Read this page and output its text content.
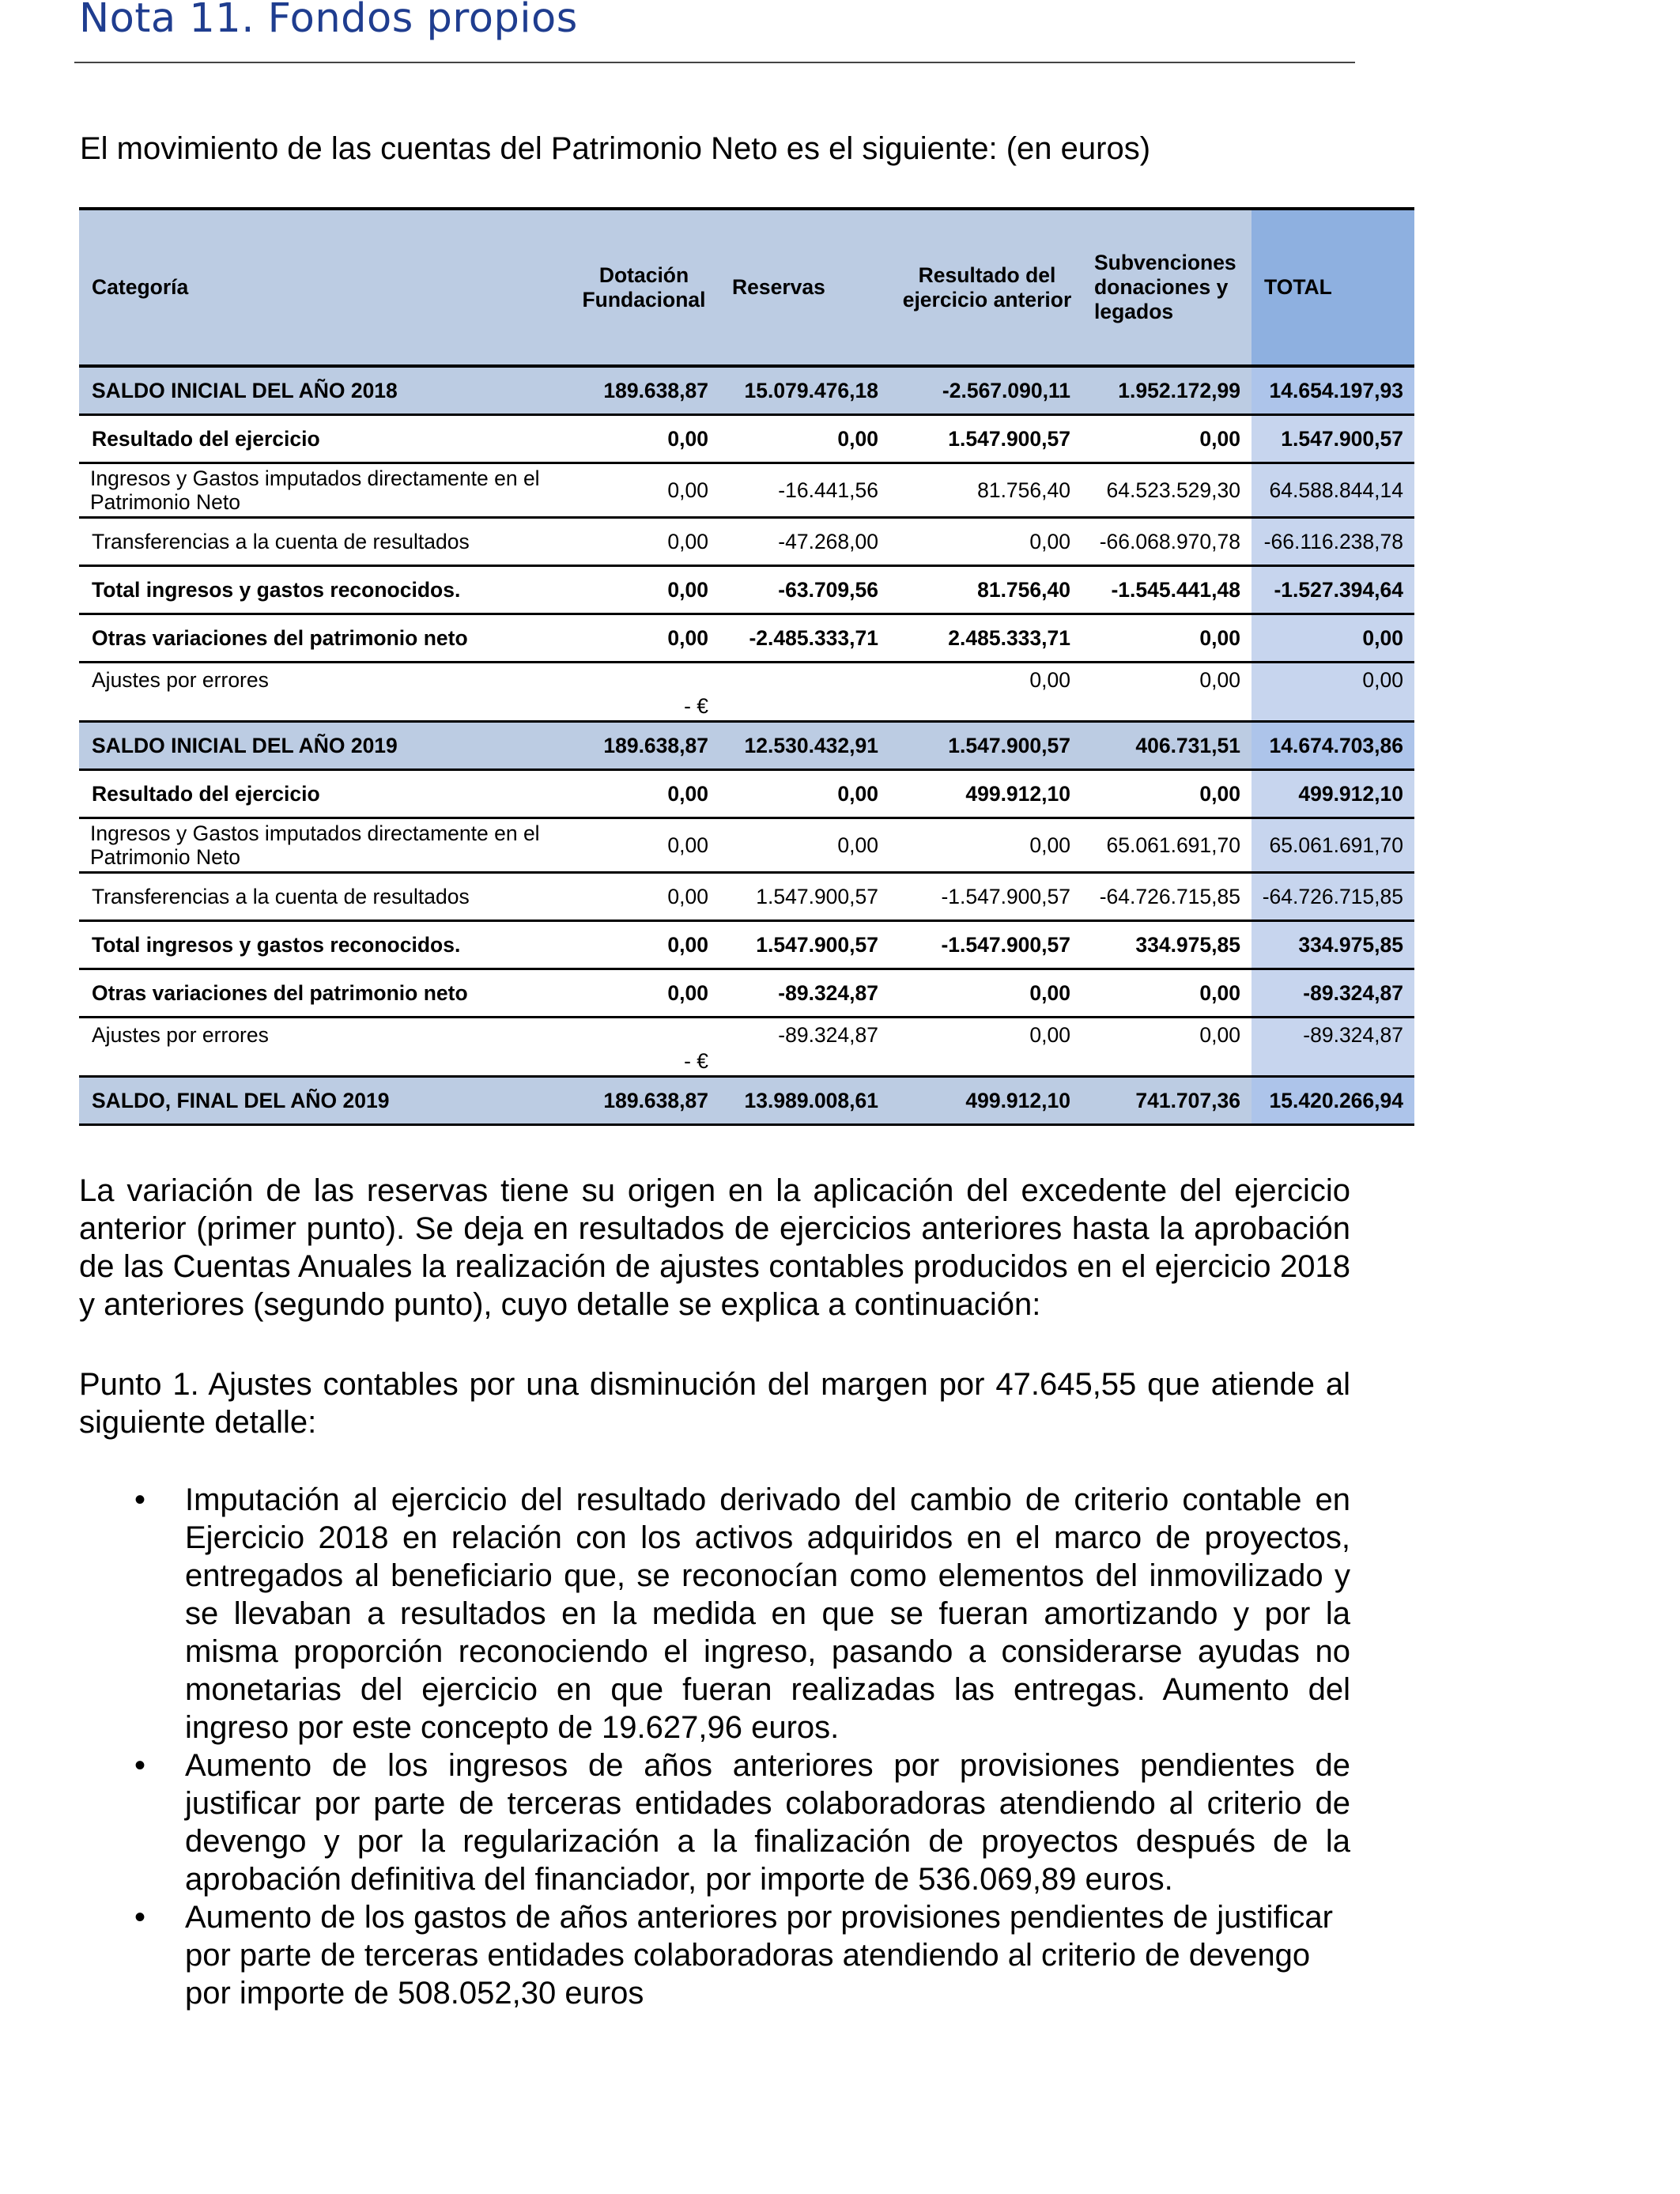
Nota 11. Fondos propios

El movimiento de las cuentas del Patrimonio Neto es el siguiente: (en euros)

Categoría	Dotación Fundacional	Reservas	Resultado del ejercicio anterior	Subvenciones donaciones y legados	TOTAL
SALDO INICIAL DEL AÑO 2018	189.638,87	15.079.476,18	-2.567.090,11	1.952.172,99	14.654.197,93
Resultado del ejercicio	0,00	0,00	1.547.900,57	0,00	1.547.900,57
Ingresos y Gastos imputados directamente en el Patrimonio Neto	0,00	-16.441,56	81.756,40	64.523.529,30	64.588.844,14
Transferencias a la cuenta de resultados	0,00	-47.268,00	0,00	-66.068.970,78	-66.116.238,78
Total ingresos y gastos reconocidos.	0,00	-63.709,56	81.756,40	-1.545.441,48	-1.527.394,64
Otras variaciones del patrimonio neto	0,00	-2.485.333,71	2.485.333,71	0,00	0,00
Ajustes por errores	- €		0,00	0,00	0,00
SALDO INICIAL DEL AÑO 2019	189.638,87	12.530.432,91	1.547.900,57	406.731,51	14.674.703,86
Resultado del ejercicio	0,00	0,00	499.912,10	0,00	499.912,10
Ingresos y Gastos imputados directamente en el Patrimonio Neto	0,00	0,00	0,00	65.061.691,70	65.061.691,70
Transferencias a la cuenta de resultados	0,00	1.547.900,57	-1.547.900,57	-64.726.715,85	-64.726.715,85
Total ingresos y gastos reconocidos.	0,00	1.547.900,57	-1.547.900,57	334.975,85	334.975,85
Otras variaciones del patrimonio neto	0,00	-89.324,87	0,00	0,00	-89.324,87
Ajustes por errores	- €	-89.324,87	0,00	0,00	-89.324,87
SALDO, FINAL DEL AÑO 2019	189.638,87	13.989.008,61	499.912,10	741.707,36	15.420.266,94

La variación de las reservas tiene su origen en la aplicación del excedente del ejercicio anterior (primer punto). Se deja en resultados de ejercicios anteriores hasta la aprobación de las Cuentas Anuales la realización de ajustes contables producidos en el ejercicio 2018 y anteriores (segundo punto), cuyo detalle se explica a continuación:

Punto 1. Ajustes contables por una disminución del margen por 47.645,55 que atiende al siguiente detalle:

• Imputación al ejercicio del resultado derivado del cambio de criterio contable en Ejercicio 2018 en relación con los activos adquiridos en el marco de proyectos, entregados al beneficiario que, se reconocían como elementos del inmovilizado y se llevaban a resultados en la medida en que se fueran amortizando y por la misma proporción reconociendo el ingreso, pasando a considerarse ayudas no monetarias del ejercicio en que fueran realizadas las entregas. Aumento del ingreso por este concepto de 19.627,96 euros.
• Aumento de los ingresos de años anteriores por provisiones pendientes de justificar por parte de terceras entidades colaboradoras atendiendo al criterio de devengo y por la regularización a la finalización de proyectos después de la aprobación definitiva del financiador, por importe de 536.069,89 euros.
• Aumento de los gastos de años anteriores por provisiones pendientes de justificar por parte de terceras entidades colaboradoras atendiendo al criterio de devengo por importe de 508.052,30 euros
